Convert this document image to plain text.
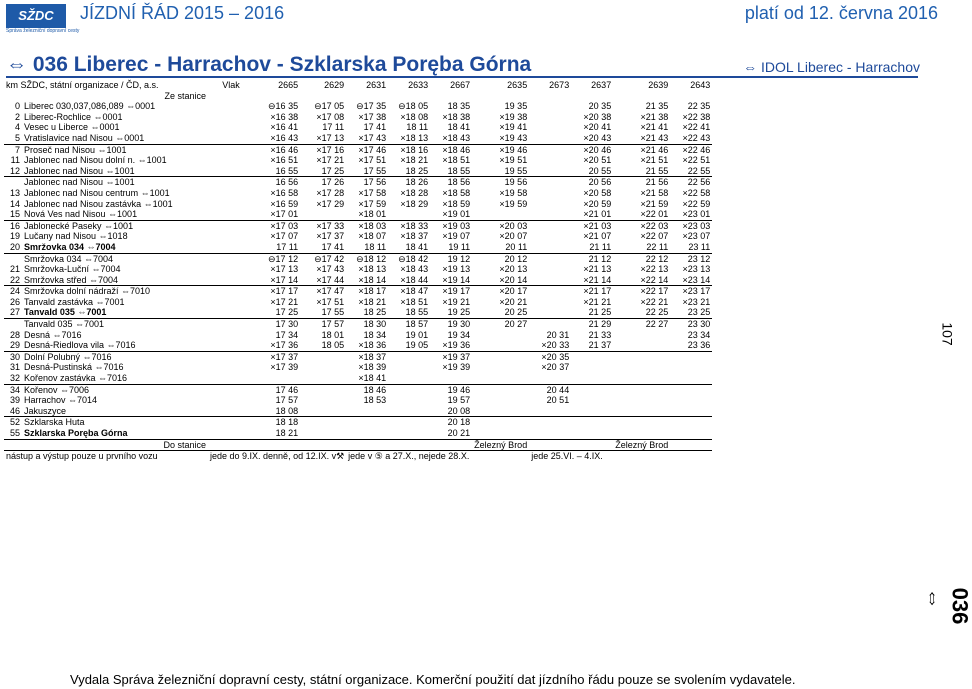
SŽDC
Správa železniční dopravní cesty
JÍZDNÍ ŘÁD 2015 – 2016	platí od 12. června 2016
⇔ 036 Liberec - Harrachov - Szklarska Poręba Górna	⇔ IDOL Liberec - Harrachov
km SŽDC, státní organizace / ČD, a.s.		Vlak	2665	2629	2631	2633	2667	2635	2673	2637	2639	2643
Ze stanice												
0	Liberec 030,037,086,089 ⇔0001		⊖16 35	⊖17 05	⊖17 35	⊖18 05	18 35	19 35		20 35	21 35	22 35
2	Liberec-Rochlice ⇔0001		×16 38	×17 08	×17 38	×18 08	×18 38	×19 38		×20 38	×21 38	×22 38
4	Vesec u Liberce ⇔0001		×16 41	17 11	17 41	18 11	18 41	×19 41		×20 41	×21 41	×22 41
5	Vratislavice nad Nisou ⇔0001		×16 43	×17 13	×17 43	×18 13	×18 43	×19 43		×20 43	×21 43	×22 43
7	Proseč nad Nisou ⇔1001		×16 46	×17 16	×17 46	×18 16	×18 46	×19 46		×20 46	×21 46	×22 46
11	Jablonec nad Nisou dolní n. ⇔1001		×16 51	×17 21	×17 51	×18 21	×18 51	×19 51		×20 51	×21 51	×22 51
12	Jablonec nad Nisou ⇔1001		16 55	17 25	17 55	18 25	18 55	19 55		20 55	21 55	22 55
	Jablonec nad Nisou ⇔1001		16 56	17 26	17 56	18 26	18 56	19 56		20 56	21 56	22 56
13	Jablonec nad Nisou centrum ⇔1001		×16 58	×17 28	×17 58	×18 28	×18 58	×19 58		×20 58	×21 58	×22 58
14	Jablonec nad Nisou zastávka ⇔1001		×16 59	×17 29	×17 59	×18 29	×18 59	×19 59		×20 59	×21 59	×22 59
15	Nová Ves nad Nisou ⇔1001		×17 01		×18 01		×19 01			×21 01	×22 01	×23 01
16	Jablonecké Paseky ⇔1001		×17 03	×17 33	×18 03	×18 33	×19 03	×20 03		×21 03	×22 03	×23 03
19	Lučany nad Nisou ⇔1018		×17 07	×17 37	×18 07	×18 37	×19 07	×20 07		×21 07	×22 07	×23 07
20	Smržovka 034 ⇔7004		17 11	17 41	18 11	18 41	19 11	20 11		21 11	22 11	23 11
	Smržovka 034 ⇔7004		⊖17 12	⊖17 42	⊖18 12	⊖18 42	19 12	20 12		21 12	22 12	23 12
21	Smržovka-Luční ⇔7004		×17 13	×17 43	×18 13	×18 43	×19 13	×20 13		×21 13	×22 13	×23 13
22	Smržovka střed ⇔7004		×17 14	×17 44	×18 14	×18 44	×19 14	×20 14		×21 14	×22 14	×23 14
24	Smržovka dolní nádraží ⇔7010		×17 17	×17 47	×18 17	×18 47	×19 17	×20 17		×21 17	×22 17	×23 17
26	Tanvald zastávka ⇔7001		×17 21	×17 51	×18 21	×18 51	×19 21	×20 21		×21 21	×22 21	×23 21
27	Tanvald 035 ⇔7001		17 25	17 55	18 25	18 55	19 25	20 25		21 25	22 25	23 25
	Tanvald 035 ⇔7001		17 30	17 57	18 30	18 57	19 30	20 27		21 29	22 27	23 30
28	Desná ⇔7016		17 34	18 01	18 34	19 01	19 34		20 31	21 33		23 34
29	Desná-Riedlova vila ⇔7016		×17 36	18 05	×18 36	19 05	×19 36		×20 33	21 37		23 36
30	Dolní Polubný ⇔7016		×17 37		×18 37		×19 37		×20 35			
31	Desná-Pustinská ⇔7016		×17 39		×18 39		×19 39		×20 37			
32	Kořenov zastávka ⇔7016				×18 41							
34	Kořenov ⇔7006		17 46		18 46		19 46		20 44			
39	Harrachov ⇔7014		17 57		18 53		19 57		20 51			
46	Jakuszyce		18 08				20 08					
52	Szklarska Huta		18 18				20 18					
55	Szklarska Poręba Górna		18 21				20 21					
Do stanice								Železný Brod			Železný Brod	
nástup a výstup pouze u prvního vozu		jede do 9.IX. denně, od 12.IX. v⚒			jede v ⑤ a 27.X., nejede 28.X.				jede 25.VI. – 4.IX.			
Vydala Správa železniční dopravní cesty, státní organizace. Komerční použití dat jízdního řádu pouze se svolením vydavatele.
107
036 ⇔
